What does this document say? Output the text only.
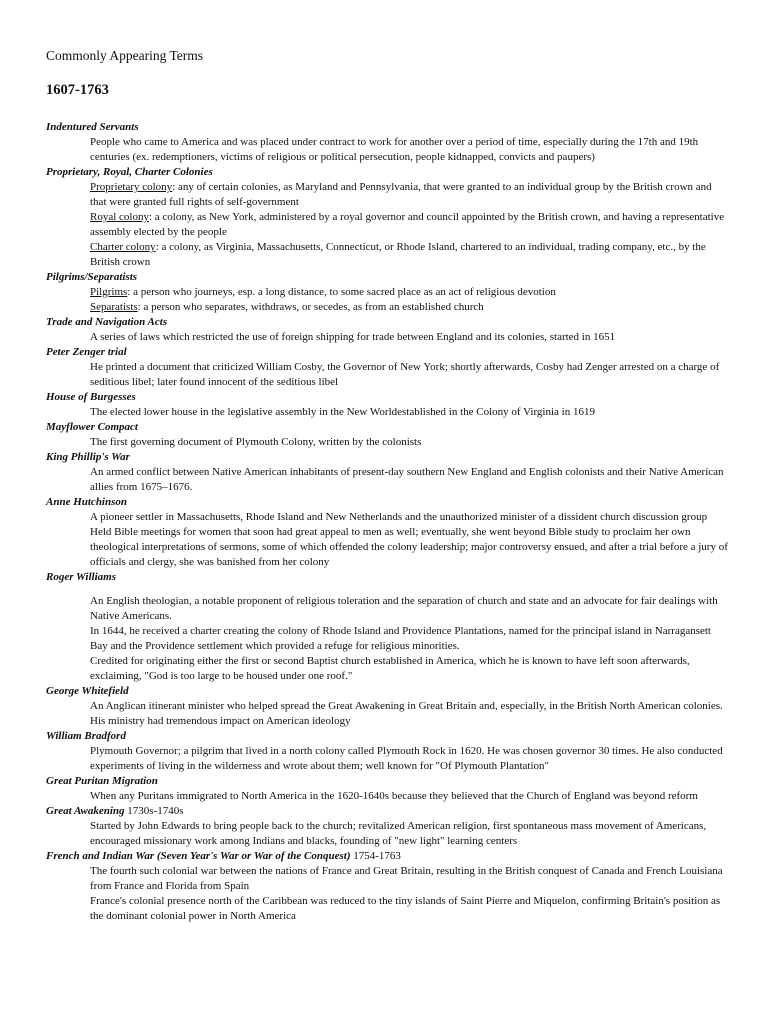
Commonly Appearing Terms
1607-1763
Indentured Servants
People who came to America and was placed under contract to work for another over a period of time, especially during the 17th and 19th centuries (ex. redemptioners, victims of religious or political persecution, people kidnapped, convicts and paupers)
Proprietary, Royal, Charter Colonies
Proprietary colony: any of certain colonies, as Maryland and Pennsylvania, that were granted to an individual group by the British crown and that were granted full rights of self-government
Royal colony: a colony, as New York, administered by a royal governor and council appointed by the British crown, and having a representative assembly elected by the people
Charter colony: a colony, as Virginia, Massachusetts, Connecticut, or Rhode Island, chartered to an individual, trading company, etc., by the British crown
Pilgrims/Separatists
Pilgrims: a person who journeys, esp. a long distance, to some sacred place as an act of religious devotion
Separatists: a person who separates, withdraws, or secedes, as from an established church
Trade and Navigation Acts
A series of laws which restricted the use of foreign shipping for trade between England and its colonies, started in 1651
Peter Zenger trial
He printed a document that criticized William Cosby, the Governor of New York; shortly afterwards, Cosby had Zenger arrested on a charge of seditious libel; later found innocent of the seditious libel
House of Burgesses
The elected lower house in the legislative assembly in the New Worldestablished in the Colony of Virginia in 1619
Mayflower Compact
The first governing document of Plymouth Colony, written by the colonists
King Phillip's War
An armed conflict between Native American inhabitants of present-day southern New England and English colonists and their Native American allies from 1675–1676.
Anne Hutchinson
A pioneer settler in Massachusetts, Rhode Island and New Netherlands and the unauthorized minister of a dissident church discussion group
Held Bible meetings for women that soon had great appeal to men as well; eventually, she went beyond Bible study to proclaim her own theological interpretations of sermons, some of which offended the colony leadership; major controversy ensued, and after a trial before a jury of officials and clergy, she was banished from her colony
Roger Williams
An English theologian, a notable proponent of religious toleration and the separation of church and state and an advocate for fair dealings with Native Americans.
In 1644, he received a charter creating the colony of Rhode Island and Providence Plantations, named for the principal island in Narragansett Bay and the Providence settlement which provided a refuge for religious minorities.
Credited for originating either the first or second Baptist church established in America, which he is known to have left soon afterwards, exclaiming, "God is too large to be housed under one roof."
George Whitefield
An Anglican itinerant minister who helped spread the Great Awakening in Great Britain and, especially, in the British North American colonies. His ministry had tremendous impact on American ideology
William Bradford
Plymouth Governor; a pilgrim that lived in a north colony called Plymouth Rock in 1620. He was chosen governor 30 times. He also conducted experiments of living in the wilderness and wrote about them; well known for "Of Plymouth Plantation"
Great Puritan Migration
When any Puritans immigrated to North America in the 1620-1640s because they believed that the Church of England was beyond reform
Great Awakening 1730s-1740s
Started by John Edwards to bring people back to the church; revitalized American religion, first spontaneous mass movement of Americans, encouraged missionary work among Indians and blacks, founding of "new light" learning centers
French and Indian War (Seven Year's War or War of the Conquest) 1754-1763
The fourth such colonial war between the nations of France and Great Britain, resulting in the British conquest of Canada and French Louisiana from France and Florida from Spain
France's colonial presence north of the Caribbean was reduced to the tiny islands of Saint Pierre and Miquelon, confirming Britain's position as the dominant colonial power in North America
